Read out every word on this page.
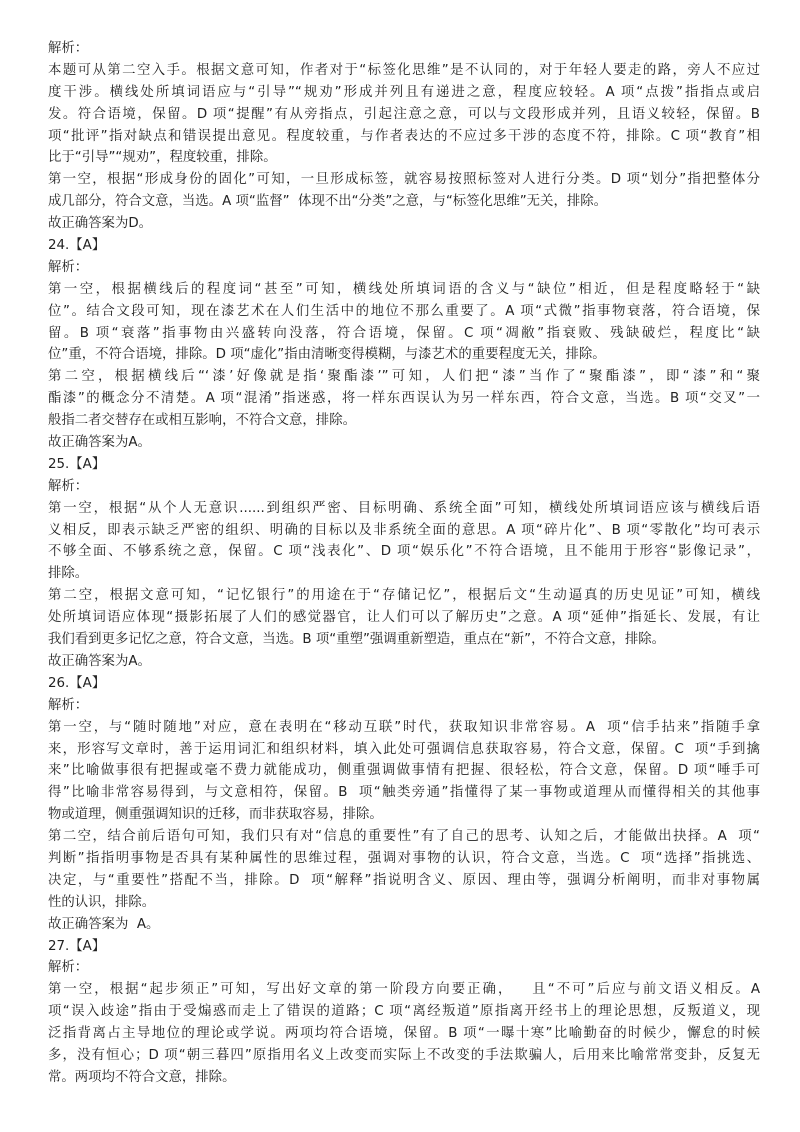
解析：
本题可从第二空入手。根据文意可知，作者对于“标签化思维”是不认同的，对于年轻人要走的路，旁人不应过
度干涉。横线处所填词语应与“引导”“规劝”形成并列且有递进之意，程度应较轻。A 项“点拨”指指点或启
发。符合语境，保留。D 项“提醒”有从旁指点，引起注意之意，可以与文段形成并列，且语义较轻，保留。B
项“批评”指对缺点和错误提出意见。程度较重，与作者表达的不应过多干涉的态度不符，排除。C 项“教育”相
比于“引导”“规劝”，程度较重，排除。
第一空，根据“形成身份的固化”可知，一旦形成标签，就容易按照标签对人进行分类。D 项“划分”指把整体分
成几部分，符合文意，当选。A 项“监督”  体现不出“分类”之意，与“标签化思维”无关，排除。
故正确答案为D。
24.【A】
解析：
第一空，根据横线后的程度词“甚至”可知，横线处所填词语的含义与“缺位”相近，但是程度略轻于“缺
位”。结合文段可知，现在漆艺术在人们生活中的地位不那么重要了。A 项“式微”指事物衰落，符合语境，保
留。B 项“衰落”指事物由兴盛转向没落，符合语境，保留。C 项“凋敝”指衰败、残缺破烂，程度比“缺
位”重，不符合语境，排除。D 项“虚化”指由清晰变得模糊，与漆艺术的重要程度无关，排除。
第二空，根据横线后“‘漆’好像就是指‘聚酯漆’”可知，人们把“漆”当作了“聚酯漆”，即“漆”和“聚
酯漆”的概念分不清楚。A 项“混淆”指迷惑，将一样东西误认为另一样东西，符合文意，当选。B 项“交叉”一
般指二者交替存在或相互影响，不符合文意，排除。
故正确答案为A。
25.【A】
解析：
第一空，根据“从个人无意识......到组织严密、目标明确、系统全面”可知，横线处所填词语应该与横线后语
义相反，即表示缺乏严密的组织、明确的目标以及非系统全面的意思。A 项“碎片化”、B 项“零散化”均可表示
不够全面、不够系统之意，保留。C 项“浅表化”、D 项“娱乐化”不符合语境，且不能用于形容“影像记录”，
排除。
第二空，根据文意可知，“记忆银行”的用途在于“存储记忆”，根据后文“生动逼真的历史见证”可知，横线
处所填词语应体现“摄影拓展了人们的感觉器官，让人们可以了解历史”之意。A 项“延伸”指延长、发展，有让
我们看到更多记忆之意，符合文意，当选。B 项“重塑”强调重新塑造，重点在“新”，不符合文意，排除。
故正确答案为A。
26.【A】
解析：
第一空，与“随时随地”对应，意在表明在“移动互联”时代，获取知识非常容易。A  项“信手拈来”指随手拿
来，形容写文章时，善于运用词汇和组织材料，填入此处可强调信息获取容易，符合文意，保留。C  项“手到擒
来”比喻做事很有把握或毫不费力就能成功，侧重强调做事情有把握、很轻松，符合文意，保留。D 项“唾手可
得”比喻非常容易得到，与文意相符，保留。B  项“触类旁通”指懂得了某一事物或道理从而懂得相关的其他事
物或道理，侧重强调知识的迁移，而非获取容易，排除。
第二空，结合前后语句可知，我们只有对“信息的重要性”有了自己的思考、认知之后，才能做出抉择。A  项“
判断”指指明事物是否具有某种属性的思维过程，强调对事物的认识，符合文意，当选。C  项“选择”指挑选、
决定，与“重要性”搭配不当，排除。D  项“解释”指说明含义、原因、理由等，强调分析阐明，而非对事物属
性的认识，排除。
故正确答案为  A。
27.【A】
解析：
第一空，根据“起步须正”可知，写出好文章的第一阶段方向要正确，   且“不可”后应与前文语义相反。A
项“误入歧途”指由于受煽惑而走上了错误的道路；C 项“离经叛道”原指离开经书上的理论思想，反叛道义，现
泛指背离占主导地位的理论或学说。两项均符合语境，保留。B 项“一曝十寒”比喻勤奋的时候少，懈怠的时候
多，没有恒心；D 项“朝三暮四”原指用名义上改变而实际上不改变的手法欺骗人，后用来比喻常常变卦，反复无
常。两项均不符合文意，排除。
